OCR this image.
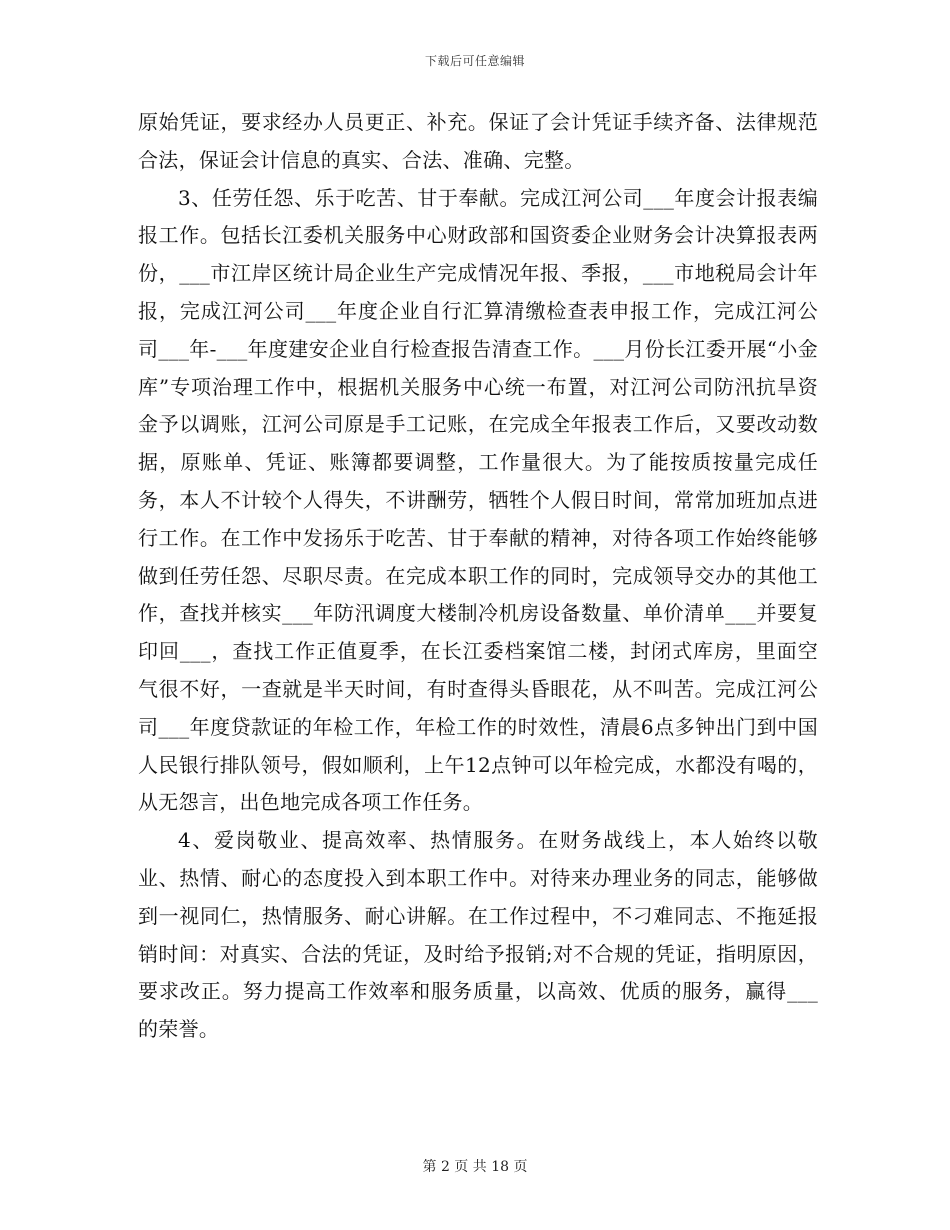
下载后可任意编辑

原始凭证，要求经办人员更正、补充。保证了会计凭证手续齐备、法律规范合法，保证会计信息的真实、合法、准确、完整。

3、任劳任怨、乐于吃苦、甘于奉献。完成江河公司___年度会计报表编报工作。包括长江委机关服务中心财政部和国资委企业财务会计决算报表两份，___市江岸区统计局企业生产完成情况年报、季报，___市地税局会计年报，完成江河公司___年度企业自行汇算清缴检查表申报工作，完成江河公司___年-___年度建安企业自行检查报告清查工作。___月份长江委开展“小金库”专项治理工作中，根据机关服务中心统一布置，对江河公司防汛抗旱资金予以调账，江河公司原是手工记账，在完成全年报表工作后，又要改动数据，原账单、凭证、账簿都要调整，工作量很大。为了能按质按量完成任务，本人不计较个人得失，不讲酬劳，牺牲个人假日时间，常常加班加点进行工作。在工作中发扬乐于吃苦、甘于奉献的精神，对待各项工作始终能够做到任劳任怨、尽职尽责。在完成本职工作的同时，完成领导交办的其他工作，查找并核实___年防汛调度大楼制冷机房设备数量、单价清单___并要复印回___，查找工作正值夏季，在长江委档案馆二楼，封闭式库房，里面空气很不好，一查就是半天时间，有时查得头昏眼花，从不叫苦。完成江河公司___年度贷款证的年检工作，年检工作的时效性，清晨6点多钟出门到中国人民银行排队领号，假如顺利，上午12点钟可以年检完成，水都没有喝的，从无怨言，出色地完成各项工作任务。

4、爱岗敬业、提高效率、热情服务。在财务战线上，本人始终以敬业、热情、耐心的态度投入到本职工作中。对待来办理业务的同志，能够做到一视同仁，热情服务、耐心讲解。在工作过程中，不刁难同志、不拖延报销时间：对真实、合法的凭证，及时给予报销;对不合规的凭证，指明原因，要求改正。努力提高工作效率和服务质量，以高效、优质的服务，赢得___的荣誉。

第 2 页 共 18 页
